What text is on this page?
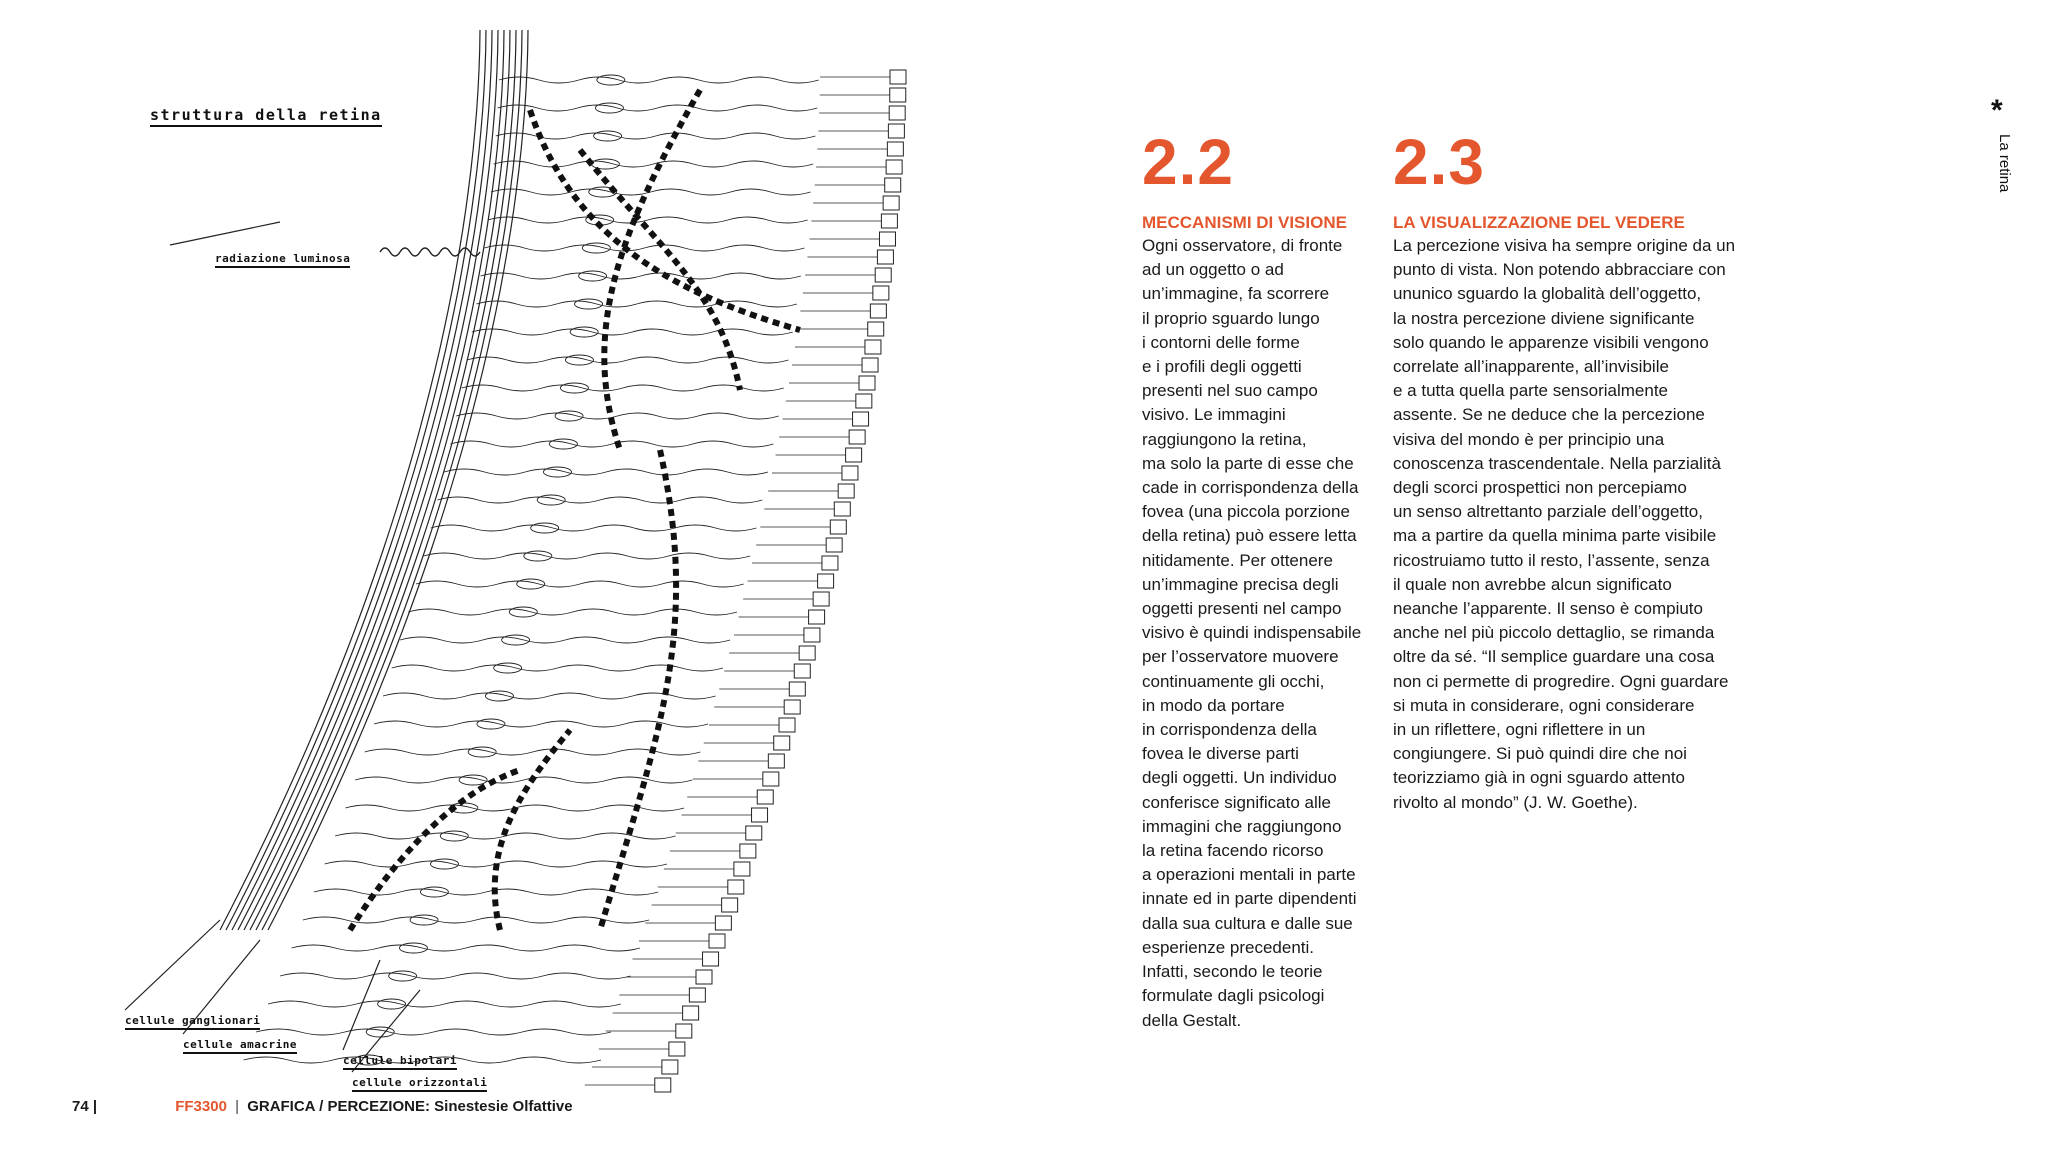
struttura della retina
radiazione luminosa
cellule ganglionari
cellule amacrine
cellule bipolari
cellule orizzontali
2.2
MECCANISMI DI VISIONE
Ogni osservatore, di fronte
ad un oggetto o ad
un’immagine, fa scorrere
il proprio sguardo lungo
i contorni delle forme
e i profili degli oggetti
presenti nel suo campo
visivo. Le immagini
raggiungono la retina,
ma solo la parte di esse che
cade in corrispondenza della
fovea (una piccola porzione
della retina) può essere letta
nitidamente. Per ottenere
un’immagine precisa degli
oggetti presenti nel campo
visivo è quindi indispensabile
per l’osservatore muovere
continuamente gli occhi,
in modo da portare
in corrispondenza della
fovea le diverse parti
degli oggetti. Un individuo
conferisce significato alle
immagini che raggiungono
la retina facendo ricorso
a operazioni mentali in parte
innate ed in parte dipendenti
dalla sua cultura e dalle sue
esperienze precedenti.
Infatti, secondo le teorie
formulate dagli psicologi
della Gestalt.
2.3
LA VISUALIZZAZIONE DEL VEDERE
La percezione visiva ha sempre origine da un
punto di vista. Non potendo abbracciare con
ununico sguardo la globalità dell’oggetto,
la nostra percezione diviene significante
solo quando le apparenze visibili vengono
correlate all’inapparente, all’invisibile
e a tutta quella parte sensorialmente
assente. Se ne deduce che la percezione
visiva del mondo è per principio una
conoscenza trascendentale. Nella parzialità
degli scorci prospettici non percepiamo
un senso altrettanto parziale dell’oggetto,
ma a partire da quella minima parte visibile
ricostruiamo tutto il resto, l’assente, senza
il quale non avrebbe alcun significato
neanche l’apparente. Il senso è compiuto
anche nel più piccolo dettaglio, se rimanda
oltre da sé. “Il semplice guardare una cosa
non ci permette di progredire. Ogni guardare
si muta in considerare, ogni considerare
in un riflettere, ogni riflettere in un
congiungere. Si può quindi dire che noi
teorizziamo già in ogni sguardo attento
rivolto al mondo” (J. W. Goethe).
*
La retina
74 |	FF3300 | GRAFICA / PERCEZIONE: Sinestesie Olfattive
